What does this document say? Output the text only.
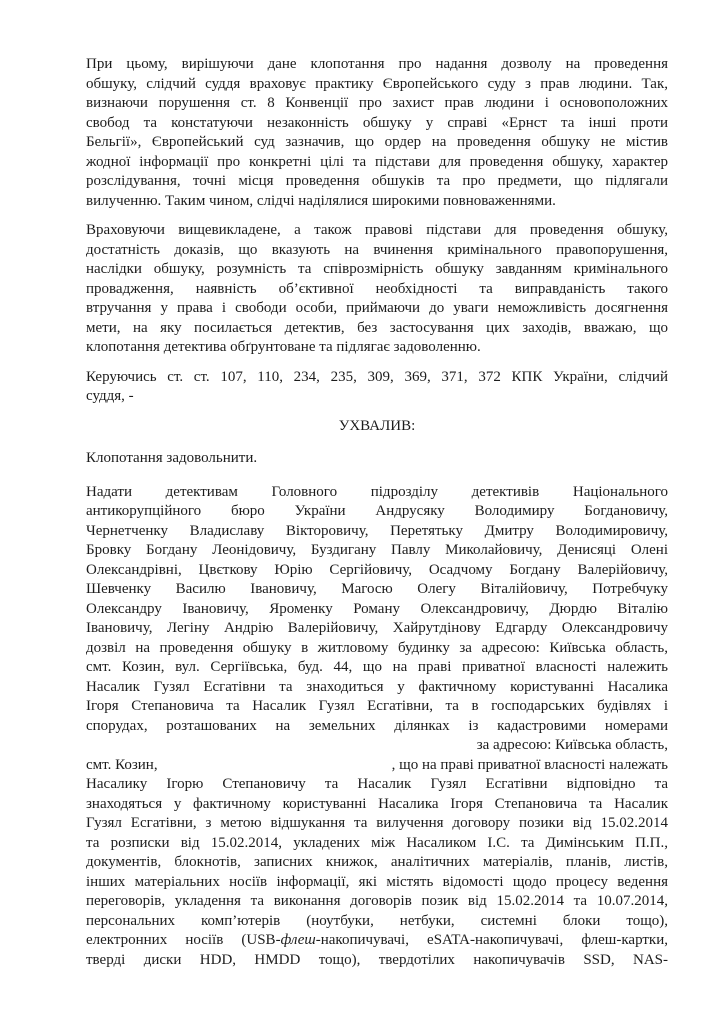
При цьому, вирішуючи дане клопотання про надання дозволу на проведення
обшуку, слідчий суддя враховує практику Європейського суду з прав людини. Так,
визнаючи порушення ст. 8 Конвенції про захист прав людини і основоположних
свобод та констатуючи незаконність обшуку у справі «Ернст та інші проти
Бельгії», Європейський суд зазначив, що ордер на проведення обшуку не містив
жодної інформації про конкретні цілі та підстави для проведення обшуку, характер
розслідування, точні місця проведення обшуків та про предмети, що підлягали
вилученню. Таким чином, слідчі наділялися широкими повноваженнями.
Враховуючи вищевикладене, а також правові підстави для проведення обшуку,
достатність доказів, що вказують на вчинення кримінального правопорушення,
наслідки обшуку, розумність та співрозмірність обшуку завданням кримінального
провадження, наявність об’єктивної необхідності та виправданість такого
втручання у права і свободи особи, приймаючи до уваги неможливість досягнення
мети, на яку посилається детектив, без застосування цих заходів, вважаю, що
клопотання детектива обґрунтоване та підлягає задоволенню.
Керуючись ст. ст. 107, 110, 234, 235, 309, 369, 371, 372 КПК України, слідчий
суддя, -
УХВАЛИВ:
Клопотання задовольнити.
Надати детективам Головного підрозділу детективів Національного
антикорупційного бюро України Андрусяку Володимиру Богдановичу,
Чернетченку Владиславу Вікторовичу, Перетятьку Дмитру Володимировичу,
Бровку Богдану Леонідовичу, Буздигану Павлу Миколайовичу, Денисяці Олені
Олександрівні, Цвєткову Юрію Сергійовичу, Осадчому Богдану Валерійовичу,
Шевченку Василю Івановичу, Магосю Олегу Віталійовичу, Потребчуку
Олександру Івановичу, Яроменку Роману Олександровичу, Дюрдю Віталію
Івановичу, Легіну Андрію Валерійовичу, Хайрутдінову Едгарду Олександровичу
дозвіл на проведення обшуку в житловому будинку за адресою: Київська область,
смт. Козин, вул. Сергіївська, буд. 44, що на праві приватної власності належить
Насалик Гузял Есгатівни та знаходиться у фактичному користуванні Насалика
Ігоря Степановича та Насалик Гузял Есгатівни, та в господарських будівлях і
спорудах, розташованих на земельних ділянках із кадастровими номерами
за адресою: Київська область,
смт. Козин,	, що на праві приватної власності належать
Насалику Ігорю Степановичу та Насалик Гузял Есгатівни відповідно та
знаходяться у фактичному користуванні Насалика Ігоря Степановича та Насалик
Гузял Есгатівни, з метою відшукання та вилучення договору позики від 15.02.2014
та розписки від 15.02.2014, укладених між Насаликом І.С. та Димінським П.П.,
документів, блокнотів, записних книжок, аналітичних матеріалів, планів, листів,
інших матеріальних носіїв інформації, які містять відомості щодо процесу ведення
переговорів, укладення та виконання договорів позик від 15.02.2014 та 10.07.2014,
персональних комп’ютерів (ноутбуки, нетбуки, системні блоки тощо),
електронних носіїв (USB-флеш-накопичувачі, eSATA-накопичувачі, флеш-картки,
тверді диски HDD, HMDD тощо), твердотілих накопичувачів SSD, NAS-
